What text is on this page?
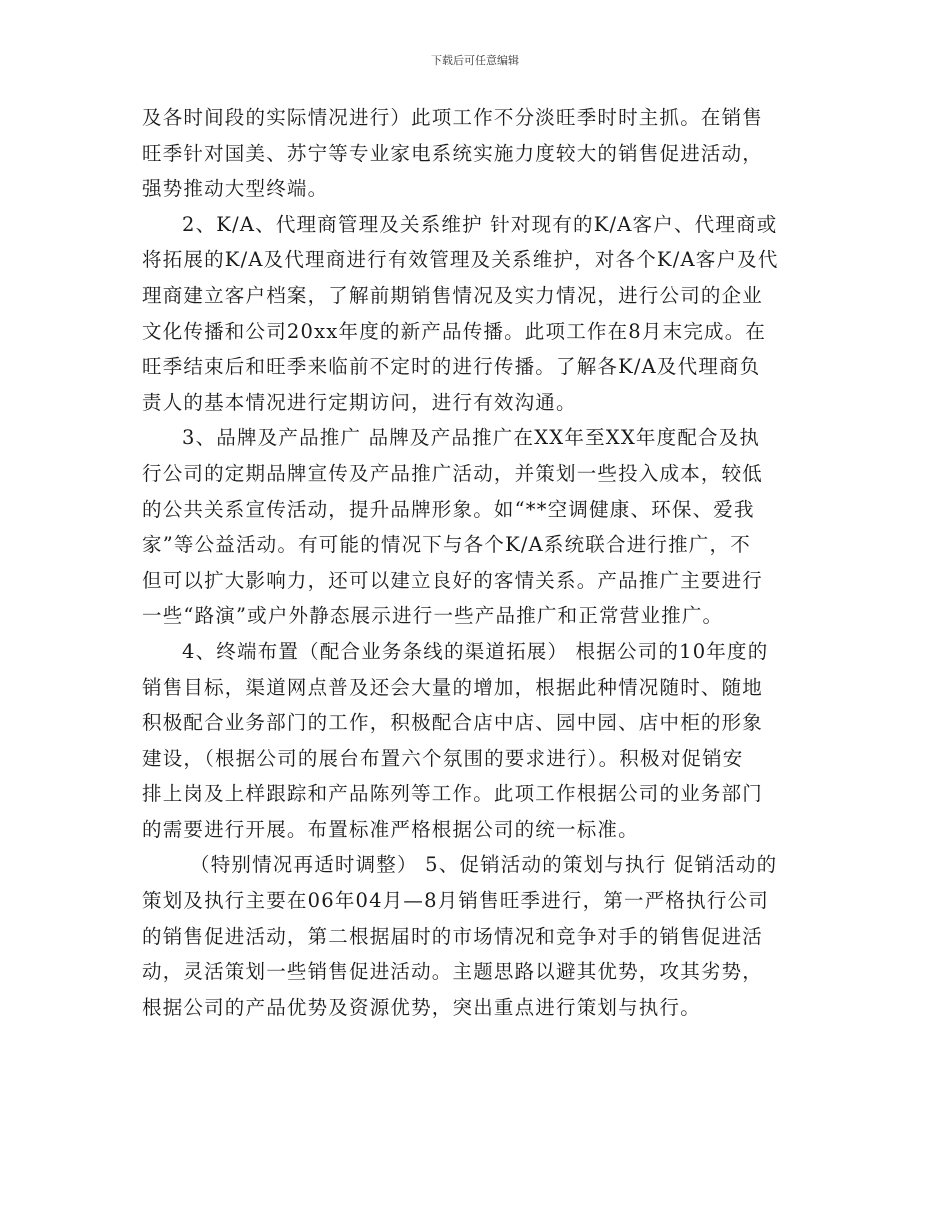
下载后可任意编辑
及各时间段的实际情况进行）此项工作不分淡旺季时时主抓。在销售
旺季针对国美、苏宁等专业家电系统实施力度较大的销售促进活动，
强势推动大型终端。
2、K/A、代理商管理及关系维护 针对现有的K/A客户、代理商或
将拓展的K/A及代理商进行有效管理及关系维护，对各个K/A客户及代
理商建立客户档案，了解前期销售情况及实力情况，进行公司的企业
文化传播和公司20xx年度的新产品传播。此项工作在8月末完成。在
旺季结束后和旺季来临前不定时的进行传播。了解各K/A及代理商负
责人的基本情况进行定期访问，进行有效沟通。
3、品牌及产品推广 品牌及产品推广在XX年至XX年度配合及执
行公司的定期品牌宣传及产品推广活动，并策划一些投入成本，较低
的公共关系宣传活动，提升品牌形象。如“**空调健康、环保、爱我
家”等公益活动。有可能的情况下与各个K/A系统联合进行推广，不
但可以扩大影响力，还可以建立良好的客情关系。产品推广主要进行
一些“路演”或户外静态展示进行一些产品推广和正常营业推广。
4、终端布置（配合业务条线的渠道拓展） 根据公司的10年度的
销售目标，渠道网点普及还会大量的增加，根据此种情况随时、随地
积极配合业务部门的工作，积极配合店中店、园中园、店中柜的形象
建设，（根据公司的展台布置六个氛围的要求进行）。积极对促销安
排上岗及上样跟踪和产品陈列等工作。此项工作根据公司的业务部门
的需要进行开展。布置标准严格根据公司的统一标准。
（特别情况再适时调整） 5、促销活动的策划与执行 促销活动的
策划及执行主要在06年04月—8月销售旺季进行，第一严格执行公司
的销售促进活动，第二根据届时的市场情况和竞争对手的销售促进活
动，灵活策划一些销售促进活动。主题思路以避其优势，攻其劣势，
根据公司的产品优势及资源优势，突出重点进行策划与执行。
